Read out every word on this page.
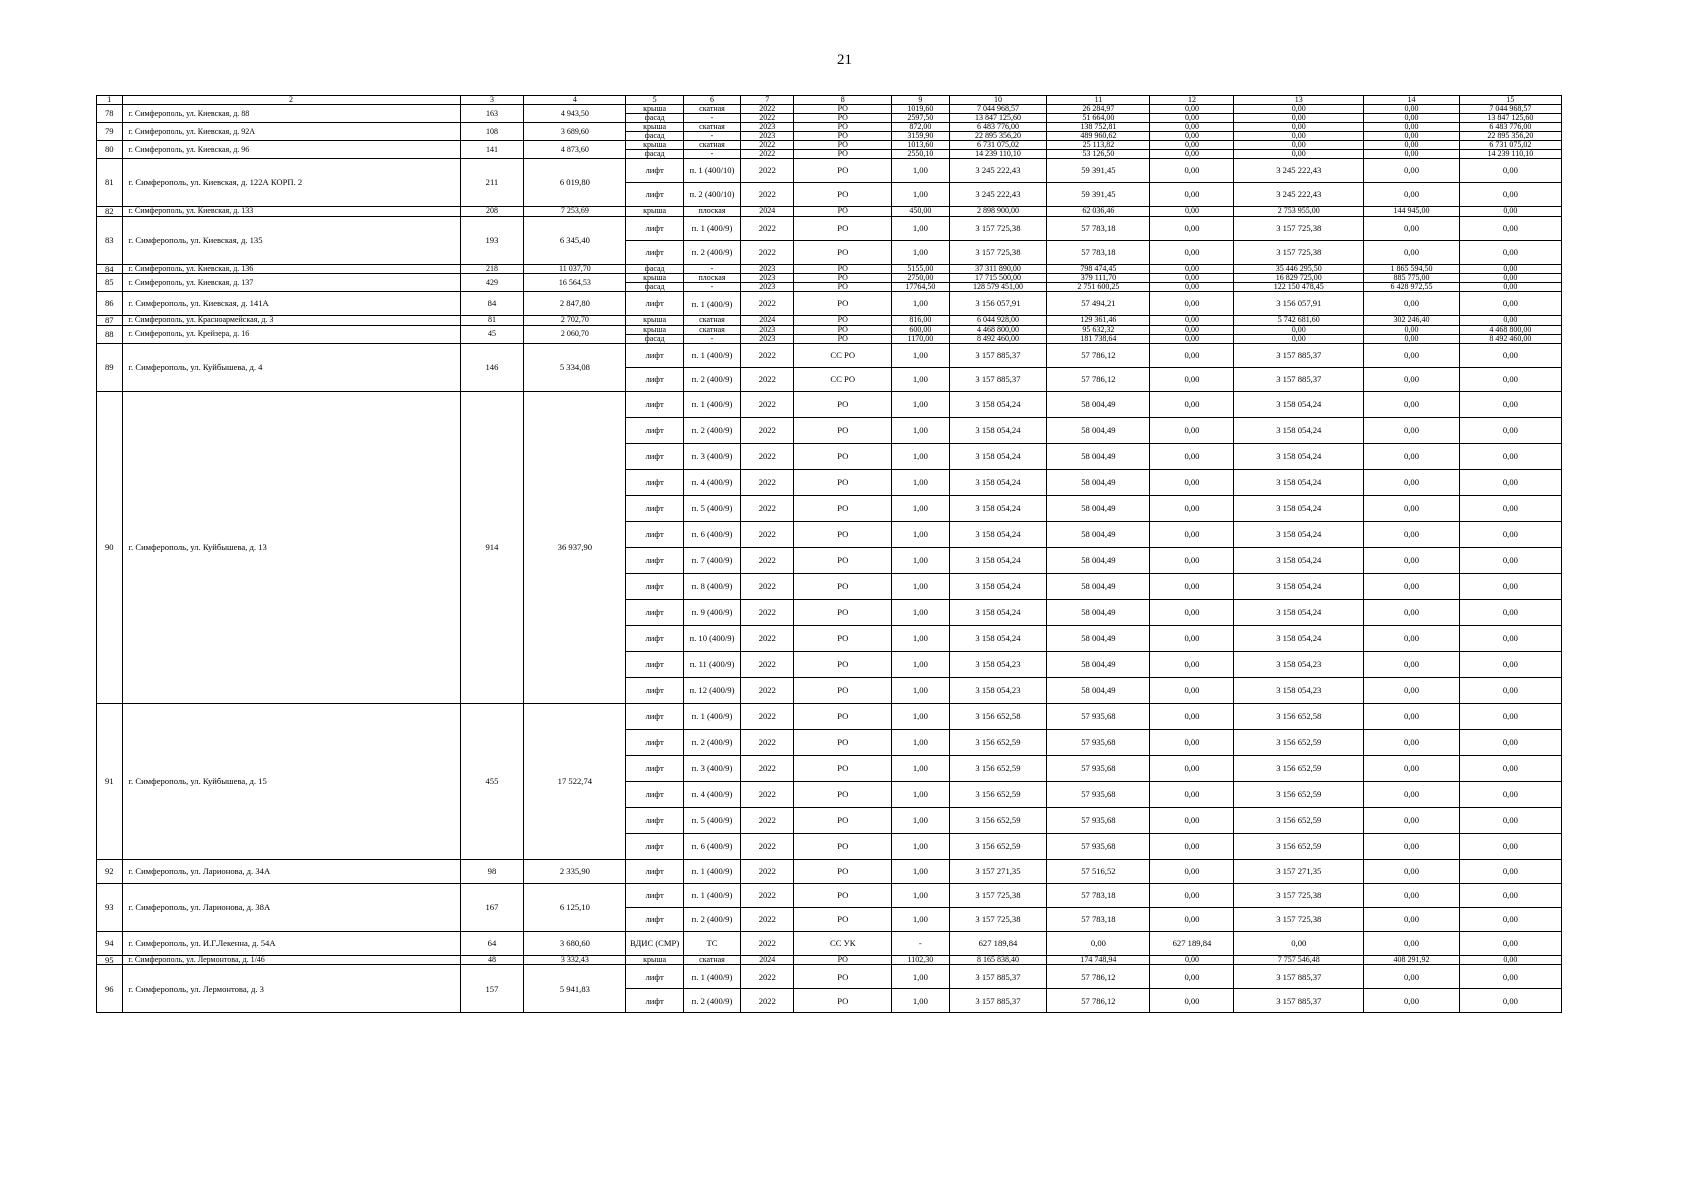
21
1	2	3	4	5	6	7	8	9	10	11	12	13	14	15
78	г. Симферополь, ул. Киевская, д. 88	163	4 943,50	крыша	скатная	2022	РО	1019,60	7 044 968,57	26 284,97	0,00	0,00	0,00	7 044 968,57
				фасад	-	2022	РО	2597,50	13 847 125,60	51 664,00	0,00	0,00	0,00	13 847 125,60
79	г. Симферополь, ул. Киевская, д. 92А	108	3 689,60	крыша	скатная	2023	РО	872,00	6 483 776,00	138 752,81	0,00	0,00	0,00	6 483 776,00
				фасад	-	2023	РО	3159,90	22 895 356,20	489 960,62	0,00	0,00	0,00	22 895 356,20
80	г. Симферополь, ул. Киевская, д. 96	141	4 873,60	крыша	скатная	2022	РО	1013,60	6 731 075,02	25 113,82	0,00	0,00	0,00	6 731 075,02
				фасад	-	2022	РО	2550,10	14 239 110,10	53 126,50	0,00	0,00	0,00	14 239 110,10
81	г. Симферополь, ул. Киевская, д. 122А КОРП. 2	211	6 019,80	лифт	п. 1 (400/10)	2022	РО	1,00	3 245 222,43	59 391,45	0,00	3 245 222,43	0,00	0,00
				лифт	п. 2 (400/10)	2022	РО	1,00	3 245 222,43	59 391,45	0,00	3 245 222,43	0,00	0,00
82	г. Симферополь, ул. Киевская, д. 133	208	7 253,69	крыша	плоская	2024	РО	450,00	2 898 900,00	62 036,46	0,00	2 753 955,00	144 945,00	0,00
83	г. Симферополь, ул. Киевская, д. 135	193	6 345,40	лифт	п. 1 (400/9)	2022	РО	1,00	3 157 725,38	57 783,18	0,00	3 157 725,38	0,00	0,00
				лифт	п. 2 (400/9)	2022	РО	1,00	3 157 725,38	57 783,18	0,00	3 157 725,38	0,00	0,00
84	г. Симферополь, ул. Киевская, д. 136	218	11 037,70	фасад	-	2023	РО	5155,00	37 311 890,00	798 474,45	0,00	35 446 295,50	1 865 594,50	0,00
85	г. Симферополь, ул. Киевская, д. 137	429	16 564,53	крыша	плоская	2023	РО	2750,00	17 715 500,00	379 111,70	0,00	16 829 725,00	885 775,00	0,00
				фасад	-	2023	РО	17764,50	128 579 451,00	2 751 600,25	0,00	122 150 478,45	6 428 972,55	0,00
86	г. Симферополь, ул. Киевская, д. 141А	84	2 847,80	лифт	п. 1 (400/9)	2022	РО	1,00	3 156 057,91	57 494,21	0,00	3 156 057,91	0,00	0,00
87	г. Симферополь, ул. Красноармейская, д. 3	81	2 702,70	крыша	скатная	2024	РО	816,00	6 044 928,00	129 361,46	0,00	5 742 681,60	302 246,40	0,00
88	г. Симферополь, ул. Крейзера, д. 16	45	2 060,70	крыша	скатная	2023	РО	600,00	4 468 800,00	95 632,32	0,00	0,00	0,00	4 468 800,00
				фасад	-	2023	РО	1170,00	8 492 460,00	181 738,64	0,00	0,00	0,00	8 492 460,00
89	г. Симферополь, ул. Куйбышева, д. 4	146	5 334,08	лифт	п. 1 (400/9)	2022	СС РО	1,00	3 157 885,37	57 786,12	0,00	3 157 885,37	0,00	0,00
				лифт	п. 2 (400/9)	2022	СС РО	1,00	3 157 885,37	57 786,12	0,00	3 157 885,37	0,00	0,00
90	г. Симферополь, ул. Куйбышева, д. 13	914	36 937,90	лифт	п. 1 (400/9)	2022	РО	1,00	3 158 054,24	58 004,49	0,00	3 158 054,24	0,00	0,00
				лифт	п. 2 (400/9)	2022	РО	1,00	3 158 054,24	58 004,49	0,00	3 158 054,24	0,00	0,00
				лифт	п. 3 (400/9)	2022	РО	1,00	3 158 054,24	58 004,49	0,00	3 158 054,24	0,00	0,00
				лифт	п. 4 (400/9)	2022	РО	1,00	3 158 054,24	58 004,49	0,00	3 158 054,24	0,00	0,00
				лифт	п. 5 (400/9)	2022	РО	1,00	3 158 054,24	58 004,49	0,00	3 158 054,24	0,00	0,00
				лифт	п. 6 (400/9)	2022	РО	1,00	3 158 054,24	58 004,49	0,00	3 158 054,24	0,00	0,00
				лифт	п. 7 (400/9)	2022	РО	1,00	3 158 054,24	58 004,49	0,00	3 158 054,24	0,00	0,00
				лифт	п. 8 (400/9)	2022	РО	1,00	3 158 054,24	58 004,49	0,00	3 158 054,24	0,00	0,00
				лифт	п. 9 (400/9)	2022	РО	1,00	3 158 054,24	58 004,49	0,00	3 158 054,24	0,00	0,00
				лифт	п. 10 (400/9)	2022	РО	1,00	3 158 054,24	58 004,49	0,00	3 158 054,24	0,00	0,00
				лифт	п. 11 (400/9)	2022	РО	1,00	3 158 054,23	58 004,49	0,00	3 158 054,23	0,00	0,00
				лифт	п. 12 (400/9)	2022	РО	1,00	3 158 054,23	58 004,49	0,00	3 158 054,23	0,00	0,00
91	г. Симферополь, ул. Куйбышева, д. 15	455	17 522,74	лифт	п. 1 (400/9)	2022	РО	1,00	3 156 652,58	57 935,68	0,00	3 156 652,58	0,00	0,00
				лифт	п. 2 (400/9)	2022	РО	1,00	3 156 652,59	57 935,68	0,00	3 156 652,59	0,00	0,00
				лифт	п. 3 (400/9)	2022	РО	1,00	3 156 652,59	57 935,68	0,00	3 156 652,59	0,00	0,00
				лифт	п. 4 (400/9)	2022	РО	1,00	3 156 652,59	57 935,68	0,00	3 156 652,59	0,00	0,00
				лифт	п. 5 (400/9)	2022	РО	1,00	3 156 652,59	57 935,68	0,00	3 156 652,59	0,00	0,00
				лифт	п. 6 (400/9)	2022	РО	1,00	3 156 652,59	57 935,68	0,00	3 156 652,59	0,00	0,00
92	г. Симферополь, ул. Ларионова, д. 34А	98	2 335,90	лифт	п. 1 (400/9)	2022	РО	1,00	3 157 271,35	57 516,52	0,00	3 157 271,35	0,00	0,00
93	г. Симферополь, ул. Ларионова, д. 38А	167	6 125,10	лифт	п. 1 (400/9)	2022	РО	1,00	3 157 725,38	57 783,18	0,00	3 157 725,38	0,00	0,00
				лифт	п. 2 (400/9)	2022	РО	1,00	3 157 725,38	57 783,18	0,00	3 157 725,38	0,00	0,00
94	г. Симферополь, ул. И.Г.Лекенна, д. 54А	64	3 680,60	ВДИС (СМР)	ТС	2022	СС УК	-	627 189,84	0,00	627 189,84	0,00	0,00	0,00
95	г. Симферополь, ул. Лермонтова, д. 1/46	48	3 332,43	крыша	скатная	2024	РО	1102,30	8 165 838,40	174 748,94	0,00	7 757 546,48	408 291,92	0,00
96	г. Симферополь, ул. Лермонтова, д. 3	157	5 941,83	лифт	п. 1 (400/9)	2022	РО	1,00	3 157 885,37	57 786,12	0,00	3 157 885,37	0,00	0,00
				лифт	п. 2 (400/9)	2022	РО	1,00	3 157 885,37	57 786,12	0,00	3 157 885,37	0,00	0,00
